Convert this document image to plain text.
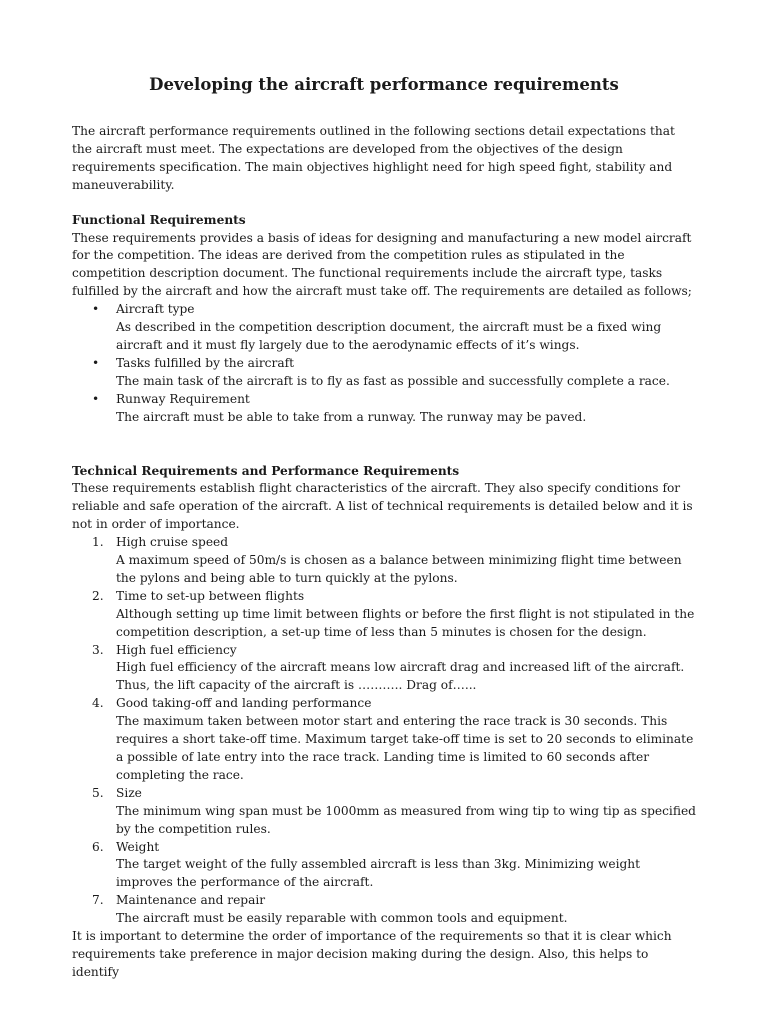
Developing the aircraft performance requirements

The aircraft performance requirements outlined in the following sections detail expectations that the aircraft must meet. The expectations are developed from the objectives of the design requirements specification. The main objectives highlight need for high speed fight, stability and maneuverability.

Functional Requirements

These requirements provides a basis of ideas for designing and manufacturing a new model aircraft for the competition. The ideas are derived from the competition rules as stipulated in the competition description document. The functional requirements include the aircraft type, tasks fulfilled by the aircraft and how the aircraft must take off. The requirements are detailed as follows;

• Aircraft type
As described in the competition description document, the aircraft must be a fixed wing aircraft and it must fly largely due to the aerodynamic effects of it’s wings.
• Tasks fulfilled by the aircraft
The main task of the aircraft is to fly as fast as possible and successfully complete a race.
• Runway Requirement
The aircraft must be able to take from a runway. The runway may be paved.

Technical Requirements and Performance Requirements

These requirements establish flight characteristics of the aircraft. They also specify conditions for reliable and safe operation of the aircraft. A list of technical requirements is detailed below and it is not in order of importance.

1. High cruise speed
A maximum speed of 50m/s is chosen as a balance between minimizing flight time between the pylons and being able to turn quickly at the pylons.
2. Time to set-up between flights
Although setting up time limit between flights or before the first flight is not stipulated in the competition description, a set-up time of less than 5 minutes is chosen for the design.
3. High fuel efficiency
High fuel efficiency of the aircraft means low aircraft drag and increased lift of the aircraft. Thus, the lift capacity of the aircraft is ……….. Drag of…...
4. Good taking-off and landing performance
The maximum taken between motor start and entering the race track is 30 seconds. This requires a short take-off time. Maximum target take-off time is set to 20 seconds to eliminate a possible of late entry into the race track. Landing time is limited to 60 seconds after completing the race.
5. Size
The minimum wing span must be 1000mm as measured from wing tip to wing tip as specified by the competition rules.
6. Weight
The target weight of the fully assembled aircraft is less than 3kg. Minimizing weight improves the performance of the aircraft.
7. Maintenance and repair
The aircraft must be easily reparable with common tools and equipment.

It is important to determine the order of importance of the requirements so that it is clear which requirements take preference in major decision making during the design. Also, this helps to identify
